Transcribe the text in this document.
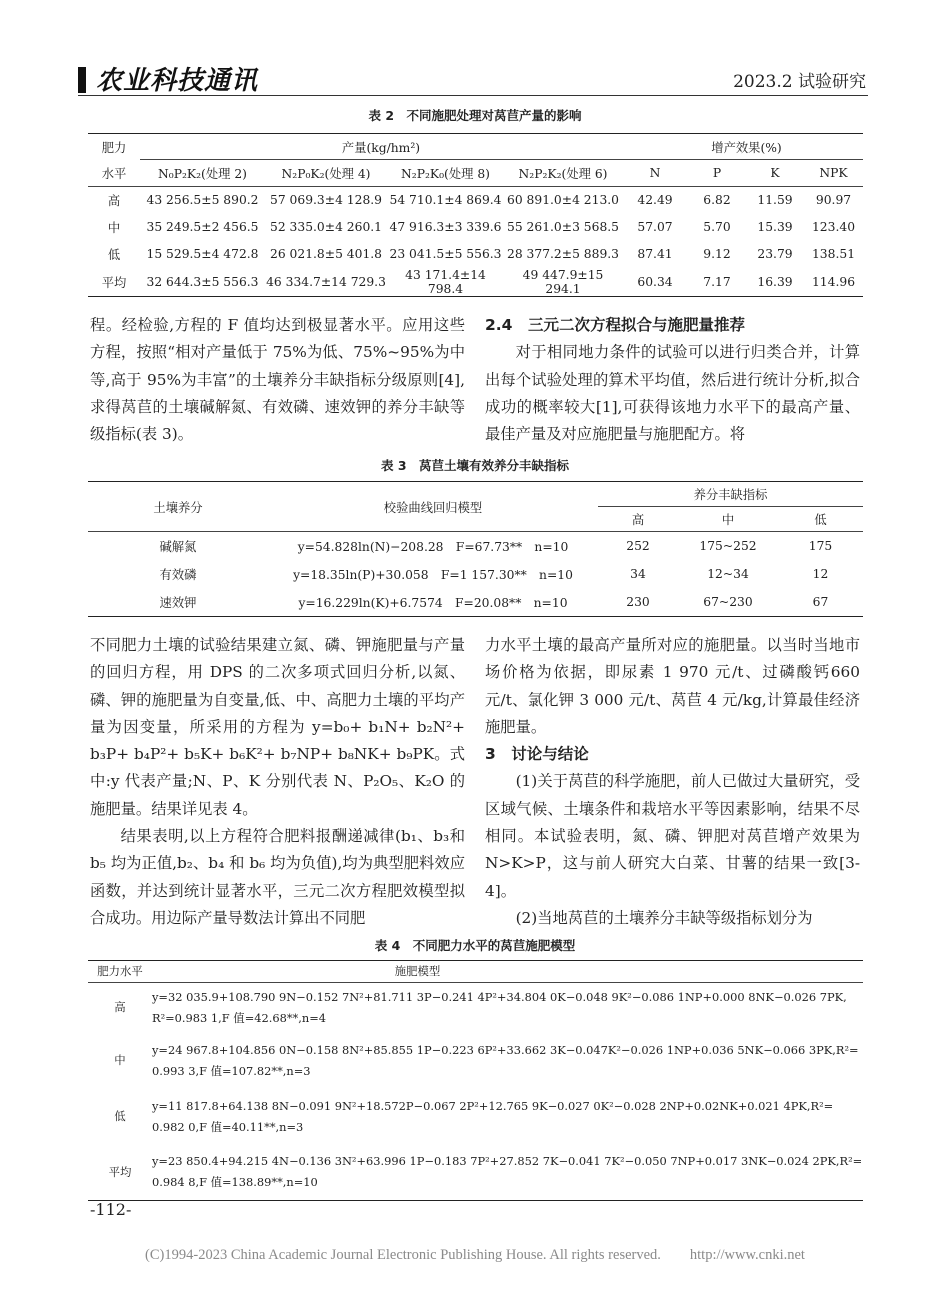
农业科技通讯	2023.2 试验研究
表 2　不同施肥处理对莴苣产量的影响
肥力	产量(kg/hm²)				增产效果(%)			
水平	N₀P₂K₂(处理 2)	N₂P₀K₂(处理 4)	N₂P₂K₀(处理 8)	N₂P₂K₂(处理 6)	N	P	K	NPK
高	43 256.5±5 890.2	57 069.3±4 128.9	54 710.1±4 869.4	60 891.0±4 213.0	42.49	6.82	11.59	90.97
中	35 249.5±2 456.5	52 335.0±4 260.1	47 916.3±3 339.6	55 261.0±3 568.5	57.07	5.70	15.39	123.40
低	15 529.5±4 472.8	26 021.8±5 401.8	23 041.5±5 556.3	28 377.2±5 889.3	87.41	9.12	23.79	138.51
平均	32 644.3±5 556.3	46 334.7±14 729.3	43 171.4±14 798.4	49 447.9±15 294.1	60.34	7.17	16.39	114.96

程。经检验,方程的 F 值均达到极显著水平。应用这些方程，按照“相对产量低于 75%为低、75%~95%为中等,高于 95%为丰富”的土壤养分丰缺指标分级原则[4],求得莴苣的土壤碱解氮、有效磷、速效钾的养分丰缺等级指标(表 3)。

2.4　三元二次方程拟合与施肥量推荐

对于相同地力条件的试验可以进行归类合并，计算出每个试验处理的算术平均值，然后进行统计分析,拟合成功的概率较大[1],可获得该地力水平下的最高产量、最佳产量及对应施肥量与施肥配方。将

表 3　莴苣土壤有效养分丰缺指标
土壤养分	校验曲线回归模型	养分丰缺指标		
		高	中	低

碱解氮	y=54.828ln(N)−208.28　F=67.73**　n=10	252	175~252	175
有效磷	y=18.35ln(P)+30.058　F=1 157.30**　n=10	34	12~34	12
速效钾	y=16.229ln(K)+6.7574　F=20.08**　n=10	230	67~230	67

不同肥力土壤的试验结果建立氮、磷、钾施肥量与产量的回归方程，用 DPS 的二次多项式回归分析,以氮、磷、钾的施肥量为自变量,低、中、高肥力土壤的平均产量为因变量，所采用的方程为 y=b₀+ b₁N+ b₂N²+ b₃P+ b₄P²+ b₅K+ b₆K²+ b₇NP+ b₈NK+ b₉PK。式中:y 代表产量;N、P、K 分别代表 N、P₂O₅、K₂O 的施肥量。结果详见表 4。

结果表明,以上方程符合肥料报酬递减律(b₁、b₃和 b₅ 均为正值,b₂、b₄ 和 b₆ 均为负值),均为典型肥料效应函数，并达到统计显著水平，三元二次方程肥效模型拟合成功。用边际产量导数法计算出不同肥

力水平土壤的最高产量所对应的施肥量。以当时当地市场价格为依据，即尿素 1 970 元/t、过磷酸钙660 元/t、氯化钾 3 000 元/t、莴苣 4 元/kg,计算最佳经济施肥量。

3　讨论与结论

(1)关于莴苣的科学施肥，前人已做过大量研究，受区域气候、土壤条件和栽培水平等因素影响，结果不尽相同。本试验表明，氮、磷、钾肥对莴苣增产效果为N>K>P，这与前人研究大白菜、甘薯的结果一致[3-4]。

(2)当地莴苣的土壤养分丰缺等级指标划分为

表 4　不同肥力水平的莴苣施肥模型
肥力水平	施肥模型
高	y=32 035.9+108.790 9N−0.152 7N²+81.711 3P−0.241 4P²+34.804 0K−0.048 9K²−0.086 1NP+0.000 8NK−0.026 7PK,
R²=0.983 1,F 值=42.68**,n=4

中	y=24 967.8+104.856 0N−0.158 8N²+85.855 1P−0.223 6P²+33.662 3K−0.047K²−0.026 1NP+0.036 5NK−0.066 3PK,R²=
0.993 3,F 值=107.82**,n=3

低	y=11 817.8+64.138 8N−0.091 9N²+18.572P−0.067 2P²+12.765 9K−0.027 0K²−0.028 2NP+0.02NK+0.021 4PK,R²=
0.982 0,F 值=40.11**,n=3

平均	y=23 850.4+94.215 4N−0.136 3N²+63.996 1P−0.183 7P²+27.852 7K−0.041 7K²−0.050 7NP+0.017 3NK−0.024 2PK,R²=
0.984 8,F 值=138.89**,n=10
-112-
(C)1994-2023 China Academic Journal Electronic Publishing House. All rights reserved.　　http://www.cnki.net
